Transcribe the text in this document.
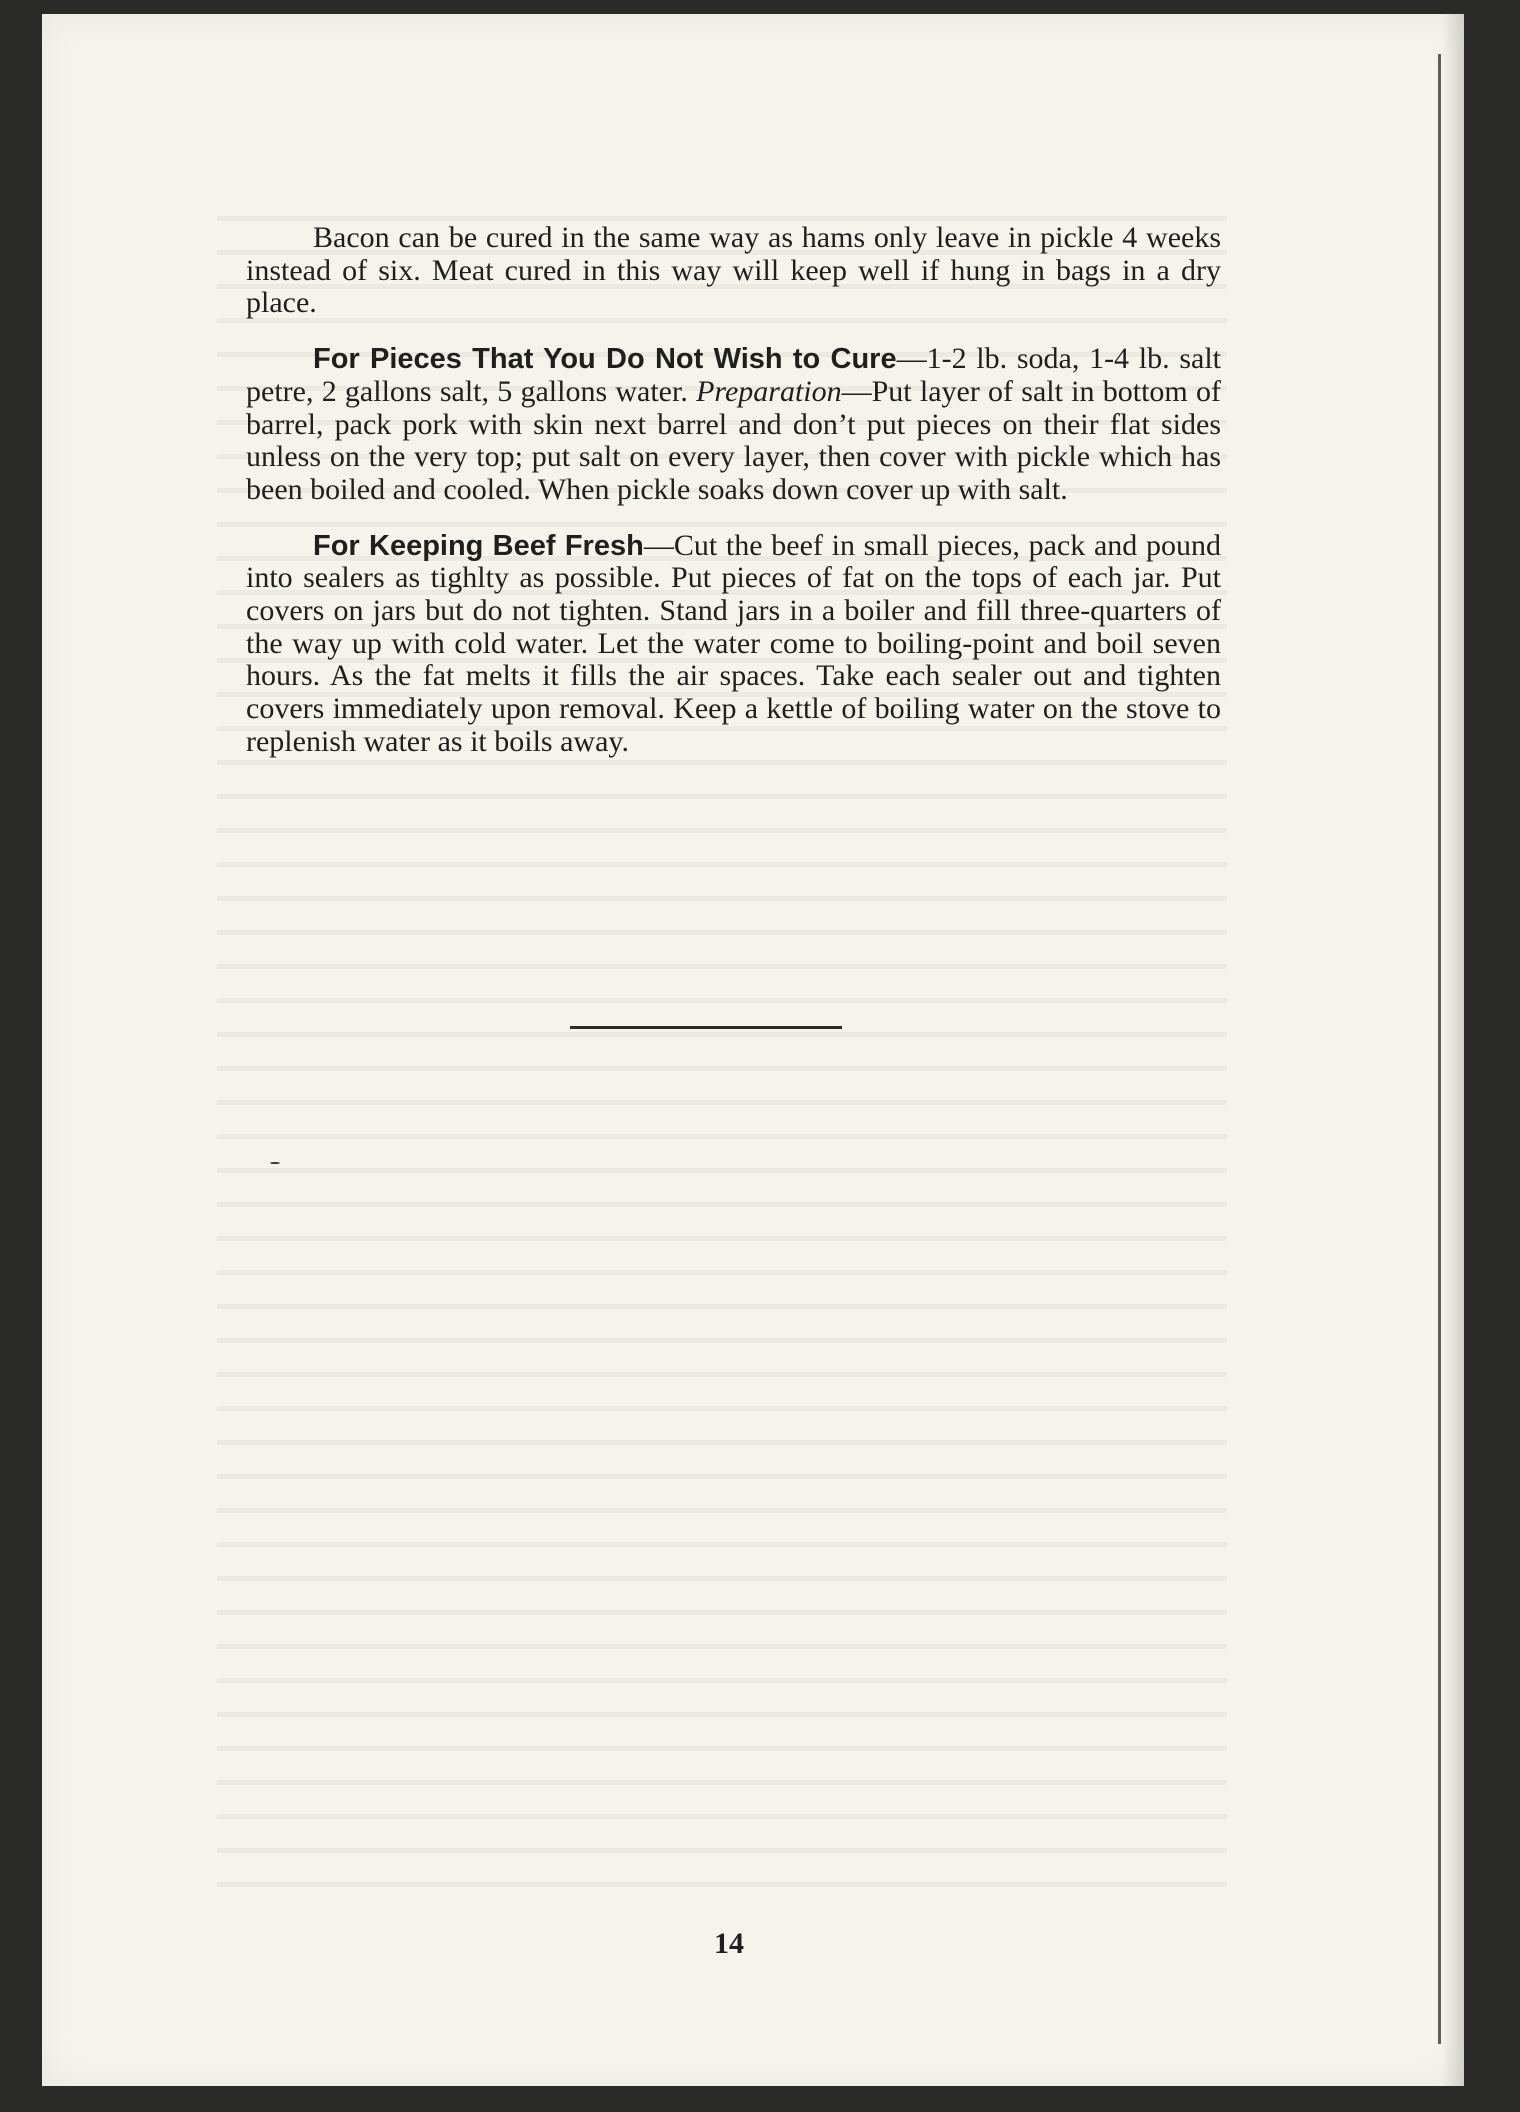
Bacon can be cured in the same way as hams only leave in pickle 4 weeks instead of six. Meat cured in this way will keep well if hung in bags in a dry place.

For Pieces That You Do Not Wish to Cure—1-2 lb. soda, 1-4 lb. salt petre, 2 gallons salt, 5 gallons water. Preparation—Put layer of salt in bottom of barrel, pack pork with skin next barrel and don’t put pieces on their flat sides unless on the very top; put salt on every layer, then cover with pickle which has been boiled and cooled. When pickle soaks down cover up with salt.

For Keeping Beef Fresh—Cut the beef in small pieces, pack and pound into sealers as tighlty as possible. Put pieces of fat on the tops of each jar. Put covers on jars but do not tighten. Stand jars in a boiler and fill three-quarters of the way up with cold water. Let the water come to boiling-point and boil seven hours. As the fat melts it fills the air spaces. Take each sealer out and tighten covers immediately upon removal. Keep a kettle of boiling water on the stove to replenish water as it boils away.

14
